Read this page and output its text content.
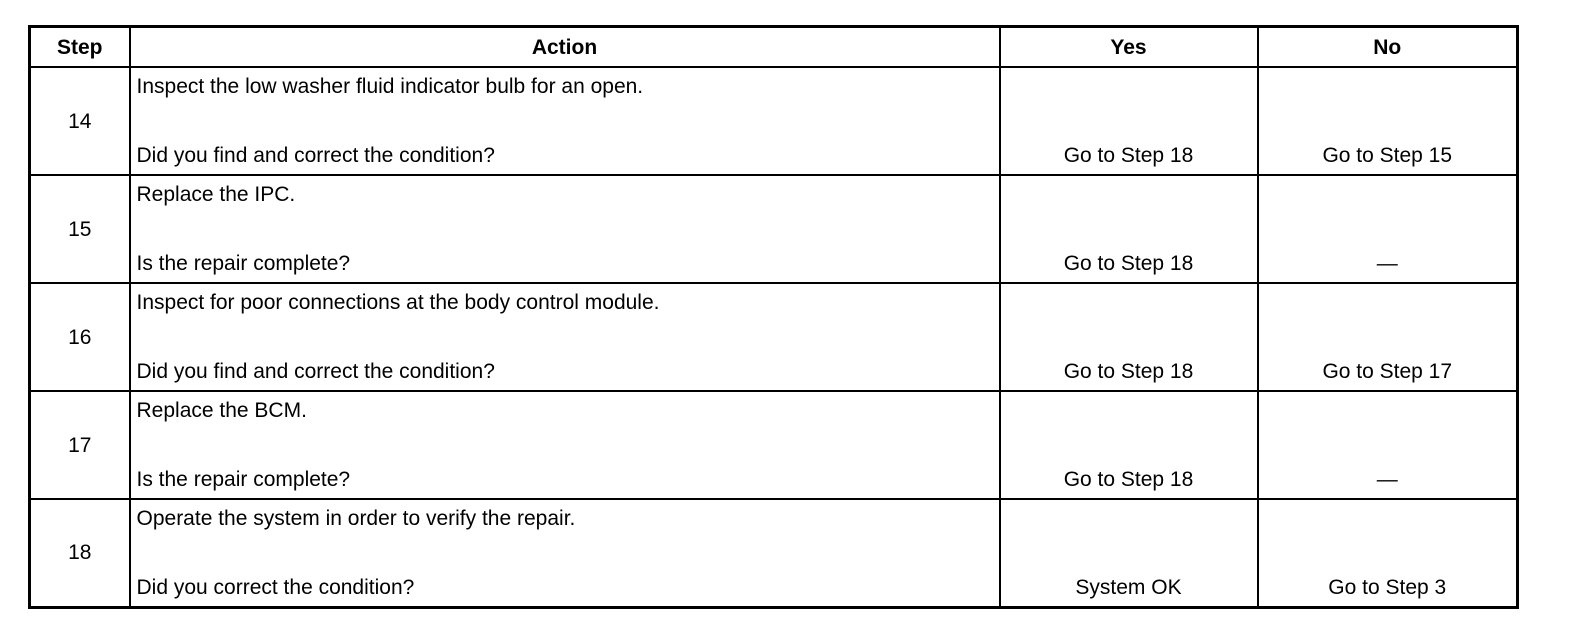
Step	Action	Yes	No
14	Inspect the low washer fluid indicator bulb for an open.
Did you find and correct the condition?	Go to Step 18	Go to Step 15
15	Replace the IPC.
Is the repair complete?	Go to Step 18	—
16	Inspect for poor connections at the body control module.
Did you find and correct the condition?	Go to Step 18	Go to Step 17
17	Replace the BCM.
Is the repair complete?	Go to Step 18	—
18	Operate the system in order to verify the repair.
Did you correct the condition?	System OK	Go to Step 3
